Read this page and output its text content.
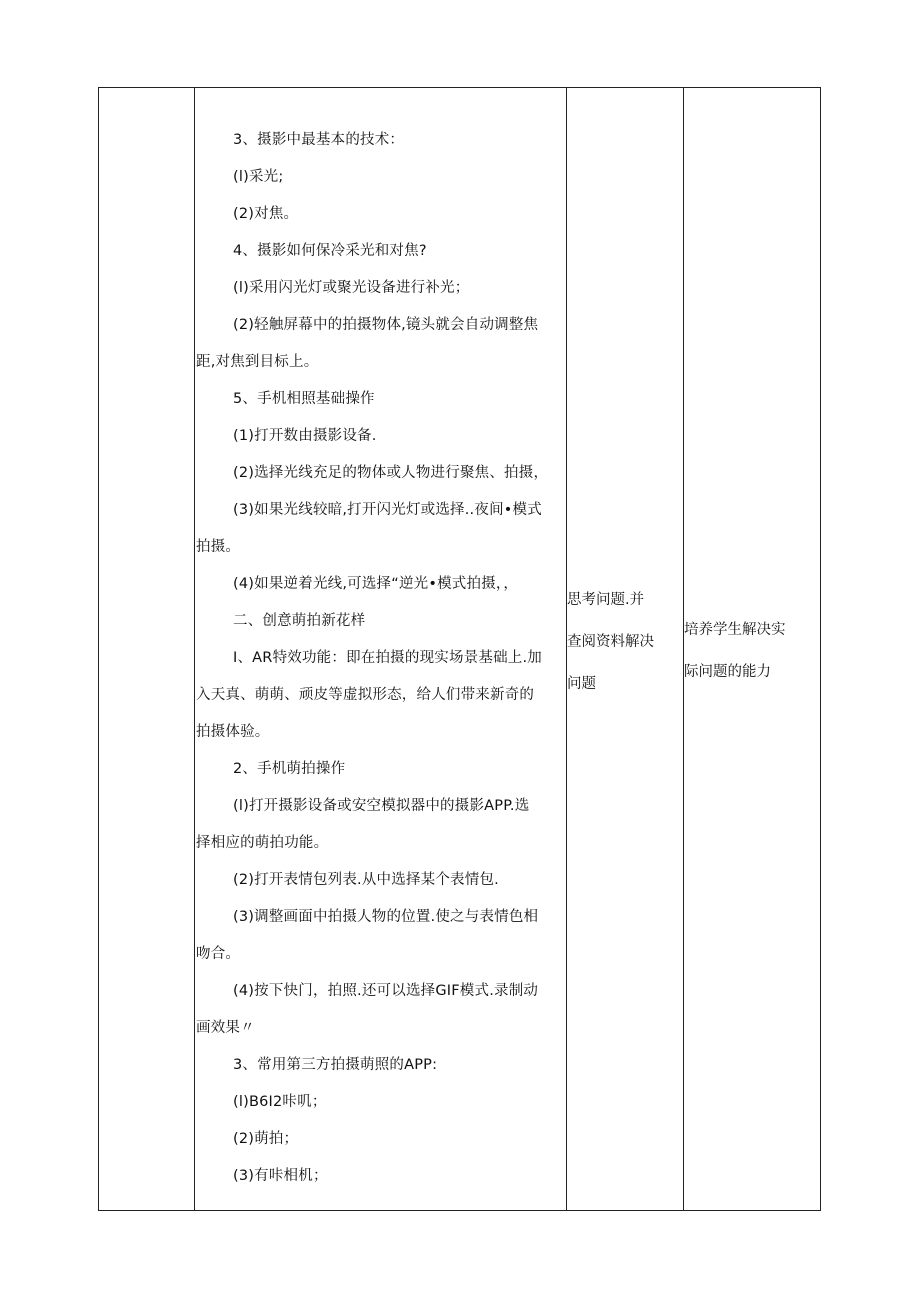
3、摄影中最基本的技术：
(l)采光;
(2)对焦。
4、摄影如何保冷采光和对焦?
(l)采用闪光灯或聚光设备进行补光；
(2)轻触屏幕中的拍摄物体,镜头就会自动调整焦
距,对焦到目标上。
5、手机相照基础操作
(1)打开数由摄影设备.
(2)选择光线充足的物体或人物进行聚焦、拍摄，
(3)如果光线较暗,打开闪光灯或选择..夜间•模式
拍摄。
(4)如果逆着光线,可选择“逆光•模式拍摄，，
二、创意萌拍新花样
I、AR特效功能：即在拍摄的现实场景基础上.加
入天真、萌萌、顽皮等虚拟形态，给人们带来新奇的
拍摄体验。
2、手机萌拍操作
(l)打开摄影设备或安空模拟器中的摄影APP.选
择相应的萌拍功能。
(2)打开表情包列表.从中选择某个表情包.
(3)调整画面中拍摄人物的位置.使之与表情色相
吻合。
(4)按下快门，拍照.还可以选择GIF模式.录制动
画效果〃
3、常用第三方拍摄萌照的APP:
(l)B6I2咔叽；
(2)萌拍；
(3)有咔相机；
思考问题.并
查阅资料解决
问题
培养学生解决实
际问题的能力
